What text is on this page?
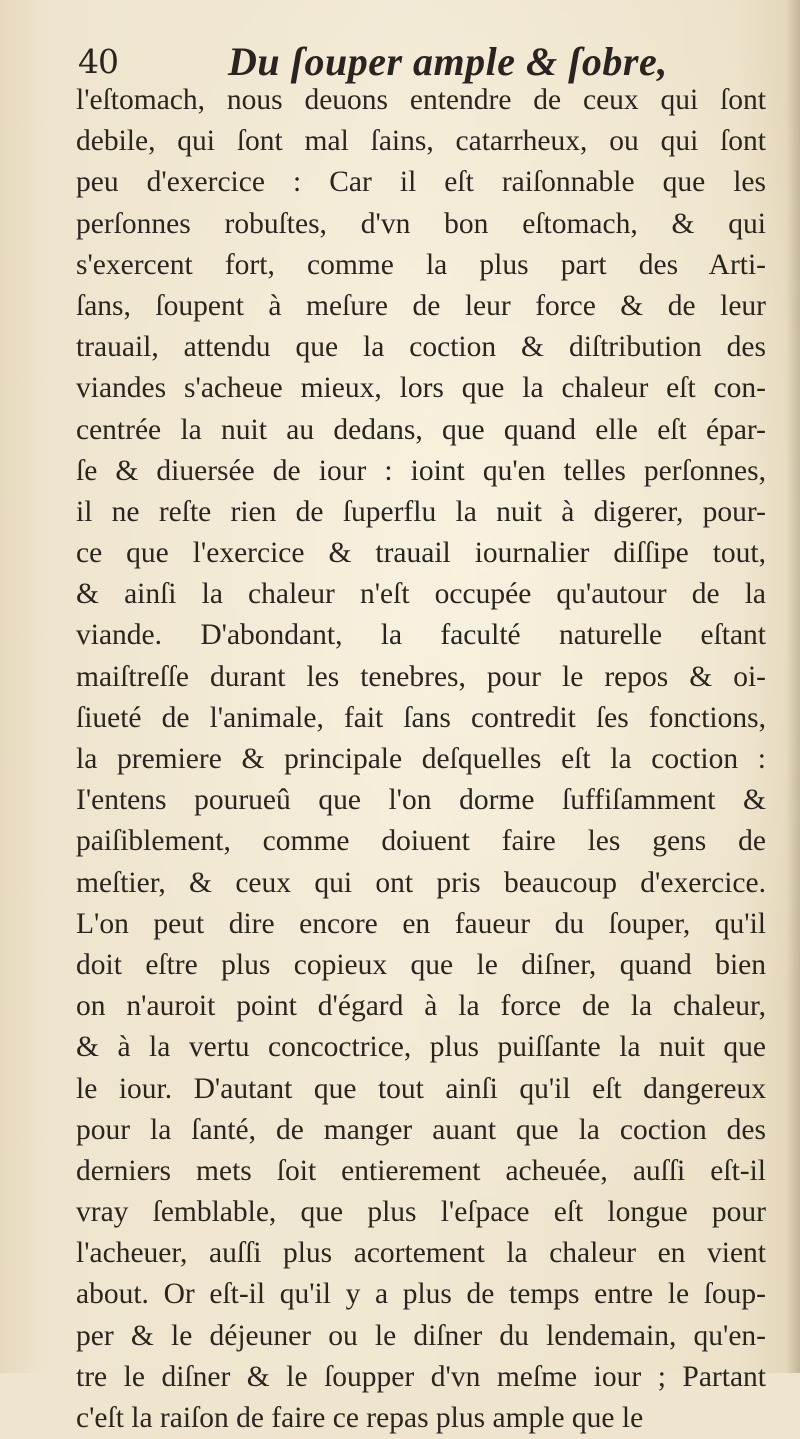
40	Du ſouper ample & ſobre,
l'eſtomach, nous deuons entendre de ceux qui ſont
debile, qui ſont mal ſains, catarrheux, ou qui ſont
peu d'exercice : Car il eſt raiſonnable que les
perſonnes robuſtes, d'vn bon eſtomach, & qui
s'exercent fort, comme la plus part des Arti-
ſans, ſoupent à meſure de leur force & de leur
trauail, attendu que la coction & diſtribution des
viandes s'acheue mieux, lors que la chaleur eſt con-
centrée la nuit au dedans, que quand elle eſt épar-
ſe & diuersée de iour : ioint qu'en telles perſonnes,
il ne reſte rien de ſuperflu la nuit à digerer, pour-
ce que l'exercice & trauail iournalier diſſipe tout,
& ainſi la chaleur n'eſt occupée qu'autour de la
viande. D'abondant, la faculté naturelle eſtant
maiſtreſſe durant les tenebres, pour le repos & oi-
ſiueté de l'animale, fait ſans contredit ſes fonctions,
la premiere & principale deſquelles eſt la coction :
I'entens pourueû que l'on dorme ſuffiſamment &
paiſiblement, comme doiuent faire les gens de
meſtier, & ceux qui ont pris beaucoup d'exercice.
L'on peut dire encore en faueur du ſouper, qu'il
doit eſtre plus copieux que le diſner, quand bien
on n'auroit point d'égard à la force de la chaleur,
& à la vertu concoctrice, plus puiſſante la nuit que
le iour. D'autant que tout ainſi qu'il eſt dangereux
pour la ſanté, de manger auant que la coction des
derniers mets ſoit entierement acheuée, auſſi eſt-il
vray ſemblable, que plus l'eſpace eſt longue pour
l'acheuer, auſſi plus acortement la chaleur en vient
about. Or eſt-il qu'il y a plus de temps entre le ſoup-
per & le déjeuner ou le diſner du lendemain, qu'en-
tre le diſner & le ſoupper d'vn meſme iour ; Partant
c'eſt la raiſon de faire ce repas plus ample que le
